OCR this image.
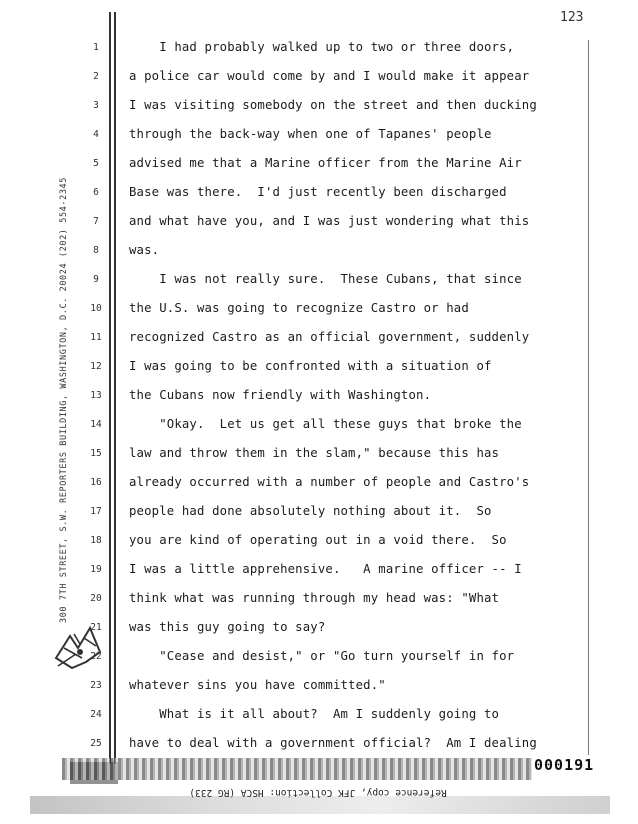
123
300 7TH STREET, S.W. REPORTERS BUILDING, WASHINGTON, D.C. 20024 (202) 554-2345
1	I had probably walked up to two or three doors,
2	a police car would come by and I would make it appear
3	I was visiting somebody on the street and then ducking
4	through the back-way when one of Tapanes' people
5	advised me that a Marine officer from the Marine Air
6	Base was there.  I'd just recently been discharged
7	and what have you, and I was just wondering what this
8	was.
9	I was not really sure.  These Cubans, that since
10	the U.S. was going to recognize Castro or had
11	recognized Castro as an official government, suddenly
12	I was going to be confronted with a situation of
13	the Cubans now friendly with Washington.
14	"Okay.  Let us get all these guys that broke the
15	law and throw them in the slam," because this has
16	already occurred with a number of people and Castro's
17	people had done absolutely nothing about it.  So
18	you are kind of operating out in a void there.  So
19	I was a little apprehensive.   A marine officer -- I
20	think what was running through my head was: "What
21	was this guy going to say?
22	"Cease and desist," or "Go turn yourself in for
23	whatever sins you have committed."
24	What is it all about?  Am I suddenly going to
25	have to deal with a government official?  Am I dealing
000191
Reference copy, JFK Collection: HSCA (RG 233)
